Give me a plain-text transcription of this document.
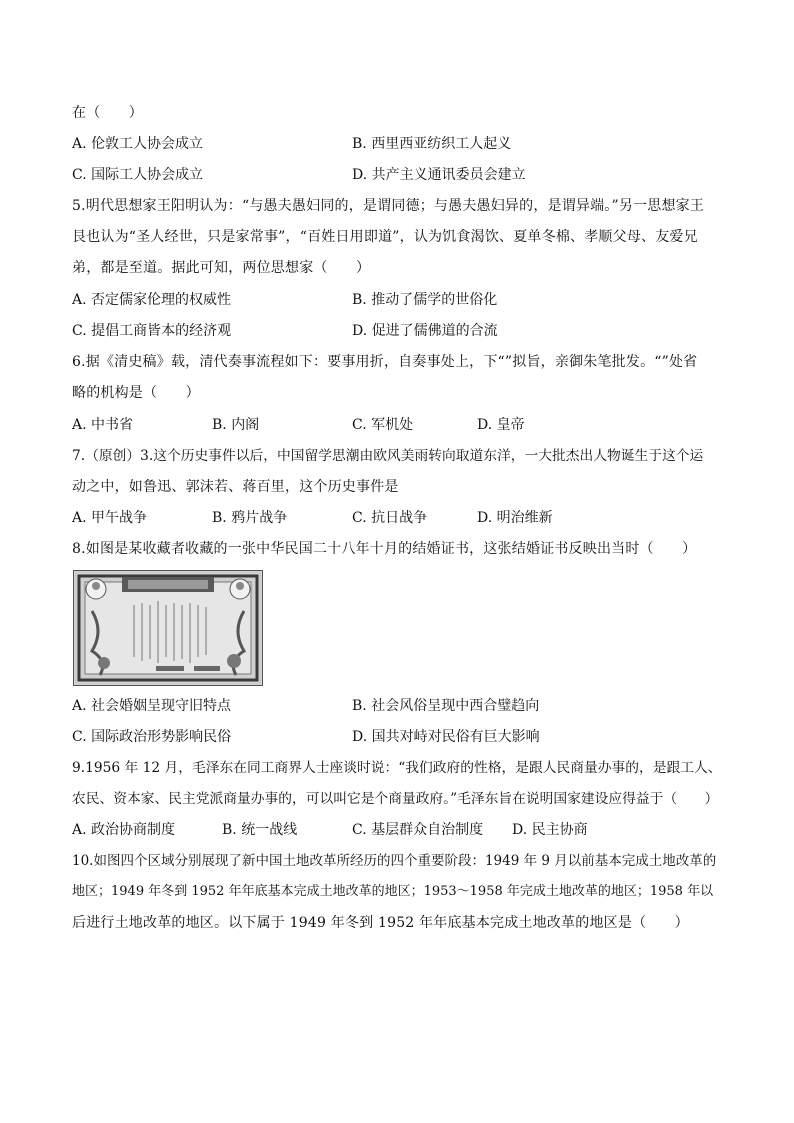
在（　　）
A. 伦敦工人协会成立	B. 西里西亚纺织工人起义
C. 国际工人协会成立	D. 共产主义通讯委员会建立
5.明代思想家王阳明认为：“与愚夫愚妇同的，是谓同德；与愚夫愚妇异的，是谓异端。”另一思想家王
艮也认为“圣人经世，只是家常事”，“百姓日用即道”，认为饥食渴饮、夏单冬棉、孝顺父母、友爱兄
弟，都是至道。据此可知，两位思想家（　　）
A. 否定儒家伦理的权威性	B. 推动了儒学的世俗化
C. 提倡工商皆本的经济观	D. 促进了儒佛道的合流
6.据《清史稿》载，清代奏事流程如下：要事用折，自奏事处上，下“”拟旨，亲御朱笔批发。“”处省
略的机构是（　　）
A. 中书省	B. 内阁	C. 军机处	D. 皇帝
7.（原创）3.这个历史事件以后，中国留学思潮由欧风美雨转向取道东洋，一大批杰出人物诞生于这个运
动之中，如鲁迅、郭沫若、蒋百里，这个历史事件是
A. 甲午战争	B. 鸦片战争	C. 抗日战争	D. 明治维新
8.如图是某收藏者收藏的一张中华民国二十八年十月的结婚证书，这张结婚证书反映出当时（　　）
A. 社会婚姻呈现守旧特点	B. 社会风俗呈现中西合璧趋向
C. 国际政治形势影响民俗	D. 国共对峙对民俗有巨大影响
9.1956 年 12 月，毛泽东在同工商界人士座谈时说：“我们政府的性格，是跟人民商量办事的，是跟工人、
农民、资本家、民主党派商量办事的，可以叫它是个商量政府。”毛泽东旨在说明国家建设应得益于（　　）
A. 政治协商制度	B. 统一战线	C. 基层群众自治制度 D. 民主协商
10.如图四个区域分别展现了新中国土地改革所经历的四个重要阶段：1949 年 9 月以前基本完成土地改革的
地区；1949 年冬到 1952 年年底基本完成土地改革的地区；1953～1958 年完成土地改革的地区；1958 年以
后进行土地改革的地区。以下属于 1949 年冬到 1952 年年底基本完成土地改革的地区是（　　）
